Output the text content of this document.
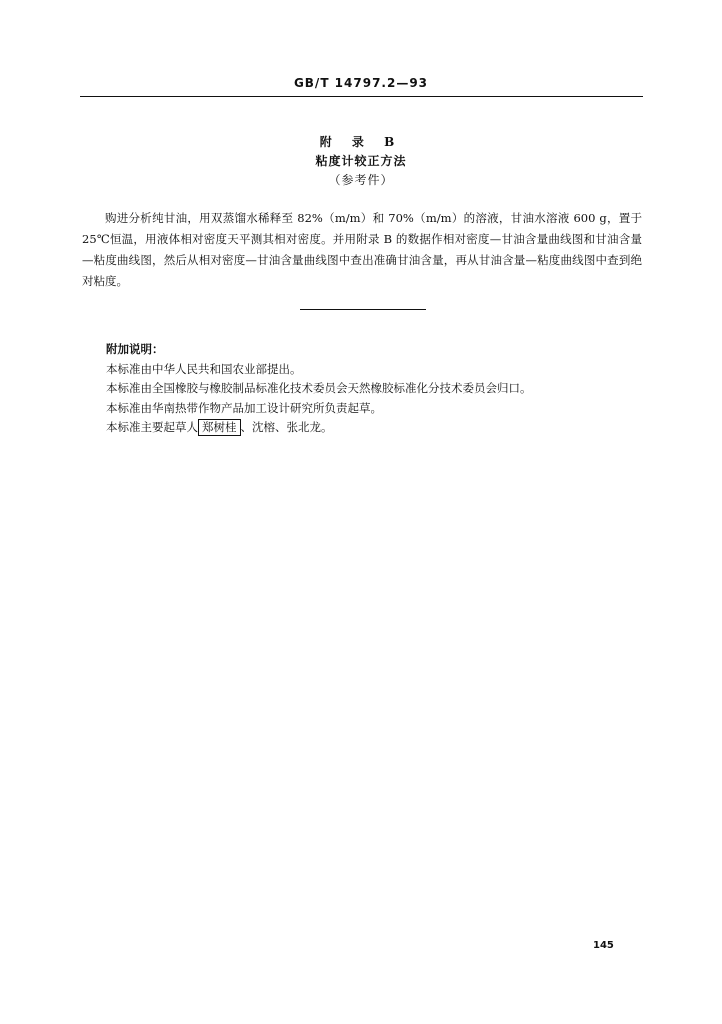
GB/T 14797.2—93
附 录 B
粘度计较正方法
（参考件）

购进分析纯甘油，用双蒸馏水稀释至 82%（m/m）和 70%（m/m）的溶液，甘油水溶液 600 g，置于25℃恒温，用液体相对密度天平测其相对密度。并用附录 B 的数据作相对密度—甘油含量曲线图和甘油含量—粘度曲线图，然后从相对密度—甘油含量曲线图中查出准确甘油含量，再从甘油含量—粘度曲线图中查到绝对粘度。

附加说明：
本标准由中华人民共和国农业部提出。
本标准由全国橡胶与橡胶制品标准化技术委员会天然橡胶标准化分技术委员会归口。
本标准由华南热带作物产品加工设计研究所负责起草。
本标准主要起草人 郑树桂 、沈榕、张北龙。
145
